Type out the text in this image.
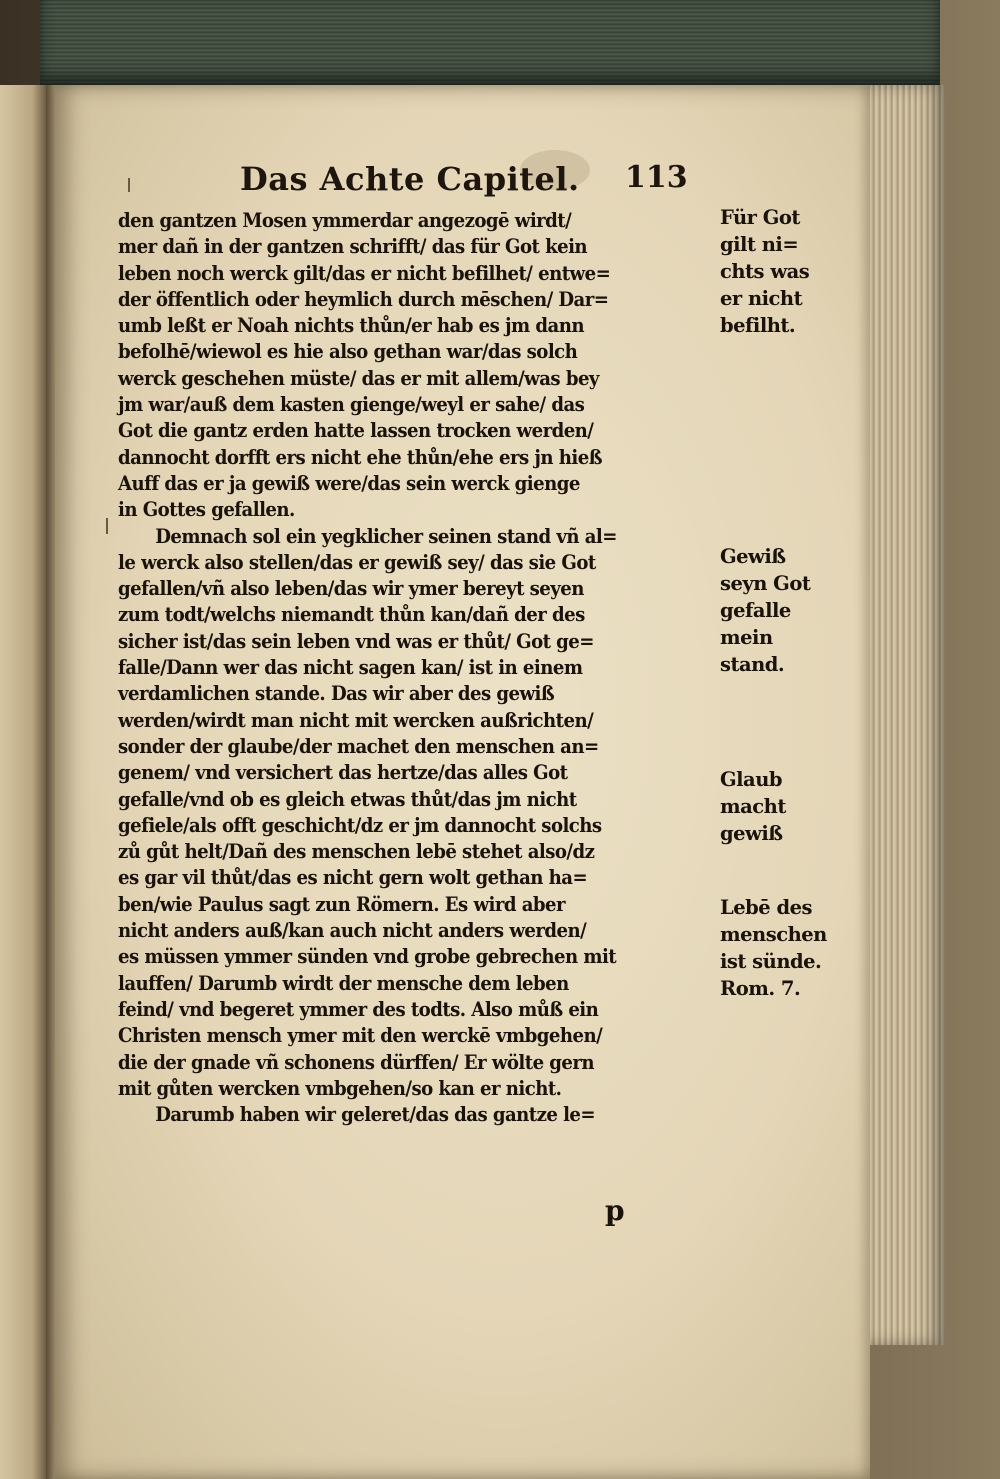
Das Achte Capitel. 113
den gantzen Mosen ymmerdar angezogē wirdt/
mer dañ in der gantzen schrifft/ das für Got kein
leben noch werck gilt/das er nicht befilhet/ entwe=
der öffentlich oder heymlich durch mēschen/ Dar=
umb leßt er Noah nichts thůn/er hab es jm dann
befolhē/wiewol es hie also gethan war/das solch
werck geschehen müste/ das er mit allem/was bey
jm war/auß dem kasten gienge/weyl er sahe/ das
Got die gantz erden hatte lassen trocken werden/
dannocht dorfft ers nicht ehe thůn/ehe ers jn hieß
Auff das er ja gewiß were/das sein werck gienge
in Gottes gefallen.
Demnach sol ein yegklicher seinen stand vñ al=
le werck also stellen/das er gewiß sey/ das sie Got
gefallen/vñ also leben/das wir ymer bereyt seyen
zum todt/welchs niemandt thůn kan/dañ der des
sicher ist/das sein leben vnd was er thůt/ Got ge=
falle/Dann wer das nicht sagen kan/ ist in einem
verdamlichen stande. Das wir aber des gewiß
werden/wirdt man nicht mit wercken außrichten/
sonder der glaube/der machet den menschen an=
genem/ vnd versichert das hertze/das alles Got
gefalle/vnd ob es gleich etwas thůt/das jm nicht
gefiele/als offt geschicht/dz er jm dannocht solchs
zů gůt helt/Dañ des menschen lebē stehet also/dz
es gar vil thůt/das es nicht gern wolt gethan ha=
ben/wie Paulus sagt zun Römern. Es wird aber
nicht anders auß/kan auch nicht anders werden/
es müssen ymmer sünden vnd grobe gebrechen mit
lauffen/ Darumb wirdt der mensche dem leben
feind/ vnd begeret ymmer des todts. Also můß ein
Christen mensch ymer mit den werckē vmbgehen/
die der gnade vñ schonens dürffen/ Er wölte gern
mit gůten wercken vmbgehen/so kan er nicht.
Darumb haben wir geleret/das das gantze le=
Für Got
gilt ni=
chts was
er nicht
befilht.
Gewiß
seyn Got
gefalle
mein
stand.
Glaub
macht
gewiß
Lebē des
menschen
ist sünde.
Rom. 7.
p
